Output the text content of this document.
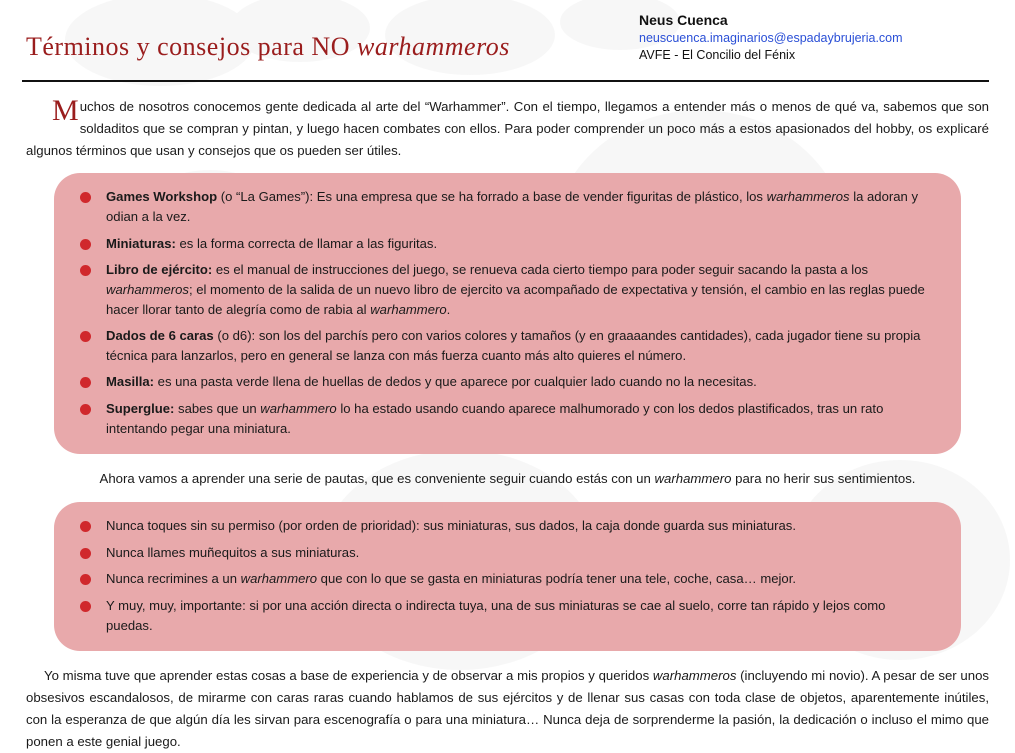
Términos y consejos para NO warhammeros
Neus Cuenca
neuscuenca.imaginarios@espadaybrujeria.com
AVFE - El Concilio del Fénix

Muchos de nosotros conocemos gente dedicada al arte del “Warhammer”. Con el tiempo, llegamos a entender más o menos de qué va, sabemos que son soldaditos que se compran y pintan, y luego hacen combates con ellos. Para poder comprender un poco más a estos apasionados del hobby, os explicaré algunos términos que usan y consejos que os pueden ser útiles.

Games Workshop (o “La Games”): Es una empresa que se ha forrado a base de vender figuritas de plástico, los warhammeros la adoran y odian a la vez.
Miniaturas: es la forma correcta de llamar a las figuritas.
Libro de ejército: es el manual de instrucciones del juego, se renueva cada cierto tiempo para poder seguir sacando la pasta a los warhammeros; el momento de la salida de un nuevo libro de ejercito va acompañado de expectativa y tensión, el cambio en las reglas puede hacer llorar tanto de alegría como de rabia al warhammero.
Dados de 6 caras (o d6): son los del parchís pero con varios colores y tamaños (y en graaaandes cantidades), cada jugador tiene su propia técnica para lanzarlos, pero en general se lanza con más fuerza cuanto más alto quieres el número.
Masilla: es una pasta verde llena de huellas de dedos y que aparece por cualquier lado cuando no la necesitas.
Superglue: sabes que un warhammero lo ha estado usando cuando aparece malhumorado y con los dedos plastificados, tras un rato intentando pegar una miniatura.

Ahora vamos a aprender una serie de pautas, que es conveniente seguir cuando estás con un warhammero para no herir sus sentimientos.

Nunca toques sin su permiso (por orden de prioridad): sus miniaturas, sus dados, la caja donde guarda sus miniaturas.
Nunca llames muñequitos a sus miniaturas.
Nunca recrimines a un warhammero que con lo que se gasta en miniaturas podría tener una tele, coche, casa… mejor.
Y muy, muy, importante: si por una acción directa o indirecta tuya, una de sus miniaturas se cae al suelo, corre tan rápido y lejos como puedas.

Yo misma tuve que aprender estas cosas a base de experiencia y de observar a mis propios y queridos warhammeros (incluyendo mi novio). A pesar de ser unos obsesivos escandalosos, de mirarme con caras raras cuando hablamos de sus ejércitos y de llenar sus casas con toda clase de objetos, aparentemente inútiles, con la esperanza de que algún día les sirvan para escenografía o para una miniatura… Nunca deja de sorprenderme la pasión, la dedicación o incluso el mimo que ponen a este genial juego.
